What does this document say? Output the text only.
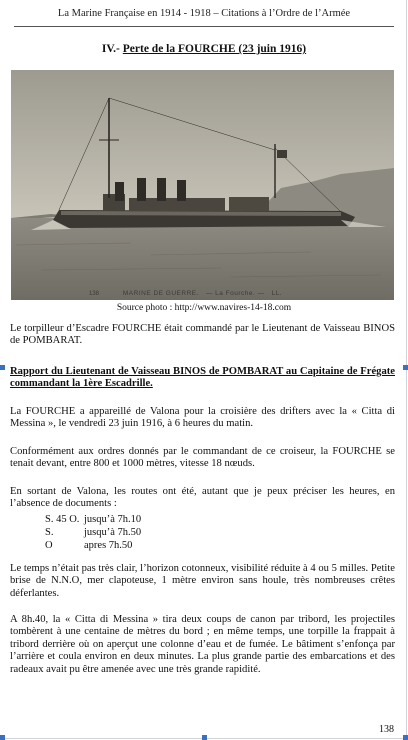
La Marine Française en 1914 - 1918 – Citations à l’Ordre de l’Armée
IV.- Perte de la FOURCHE (23 juin 1916)
MARINE DE GUERRE. — La Fourche. — LL.
138
Source photo : http://www.navires-14-18.com
Le torpilleur d’Escadre FOURCHE était commandé par le Lieutenant de Vaisseau BINOS de POMBARAT.
Rapport du Lieutenant de Vaisseau BINOS de POMBARAT au Capitaine de Frégate commandant la 1ère Escadrille.
La FOURCHE a appareillé de Valona pour la croisière des drifters avec la « Citta di Messina », le vendredi 23 juin 1916, à 6 heures du matin.
Conformément aux ordres donnés par le commandant de ce croiseur, la FOURCHE se tenait devant, entre 800 et 1000 mètres, vitesse 18 nœuds.
En sortant de Valona, les routes ont été, autant que je peux préciser les heures, en l’absence de documents :
S. 45 O. jusqu’à 7h.10
S.	jusqu’à 7h.50
O	apres 7h.50
Le temps n’était pas très clair, l’horizon cotonneux, visibilité réduite à 4 ou 5 milles. Petite brise de N.N.O, mer clapoteuse, 1 mètre environ sans houle, très nombreuses crêtes déferlantes.
A 8h.40, la « Citta di Messina » tira deux coups de canon par tribord, les projectiles tombèrent à une centaine de mètres du bord ; en même temps, une torpille la frappait à tribord derrière où on aperçut une colonne d’eau et de fumée. Le bâtiment s’enfonça par l’arrière et coula environ en deux minutes. La plus grande partie des embarcations et des radeaux avait pu être amenée avec une très grande rapidité.
138
